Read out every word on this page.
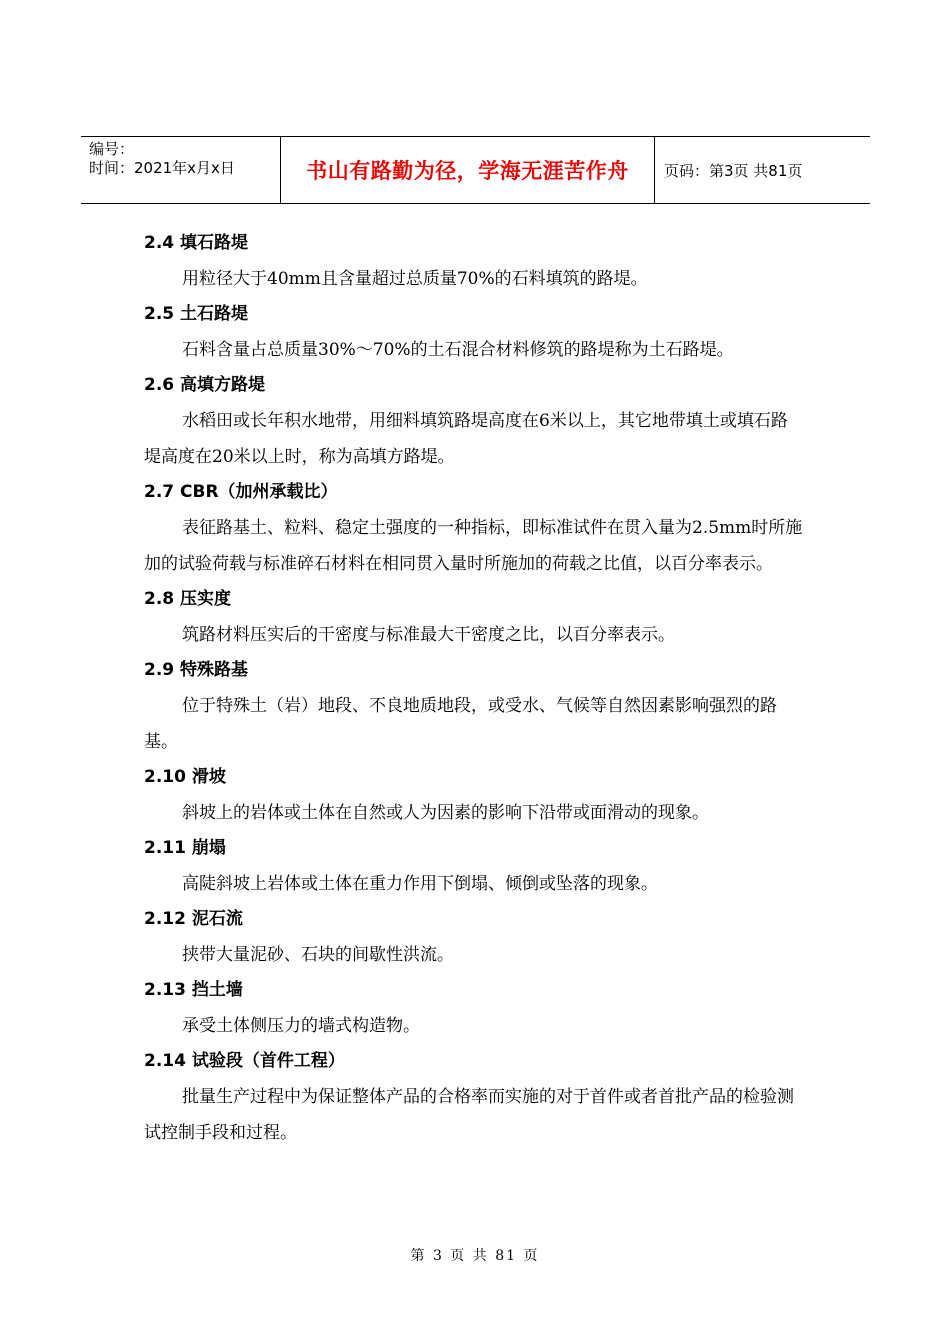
编号：
时间：2021年x月x日	书山有路勤为径，学海无涯苦作舟	页码：第3页 共81页
2.4 填石路堤

用粒径大于40mm且含量超过总质量70%的石料填筑的路堤。

2.5 土石路堤

石料含量占总质量30%～70%的土石混合材料修筑的路堤称为土石路堤。

2.6 高填方路堤

水稻田或长年积水地带，用细料填筑路堤高度在6米以上，其它地带填土或填石路堤高度在20米以上时，称为高填方路堤。

2.7 CBR（加州承载比）

表征路基土、粒料、稳定土强度的一种指标，即标准试件在贯入量为2.5mm时所施加的试验荷载与标准碎石材料在相同贯入量时所施加的荷载之比值，以百分率表示。

2.8 压实度

筑路材料压实后的干密度与标准最大干密度之比，以百分率表示。

2.9 特殊路基

位于特殊土（岩）地段、不良地质地段，或受水、气候等自然因素影响强烈的路基。

2.10 滑坡

斜坡上的岩体或土体在自然或人为因素的影响下沿带或面滑动的现象。

2.11 崩塌

高陡斜坡上岩体或土体在重力作用下倒塌、倾倒或坠落的现象。

2.12 泥石流

挟带大量泥砂、石块的间歇性洪流。

2.13 挡土墙

承受土体侧压力的墙式构造物。

2.14 试验段（首件工程）

批量生产过程中为保证整体产品的合格率而实施的对于首件或者首批产品的检验测试控制手段和过程。

第 3 页 共 81 页
